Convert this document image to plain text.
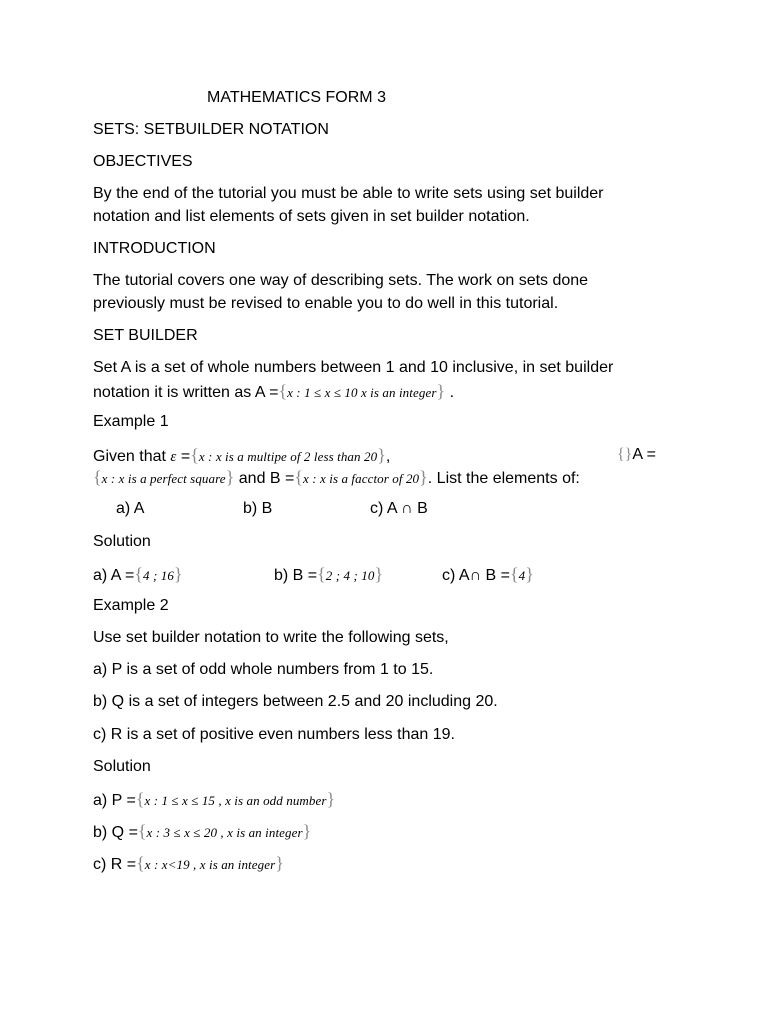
MATHEMATICS FORM 3
SETS: SETBUILDER NOTATION
OBJECTIVES
By the end of the tutorial you must be able to write sets using set builder
notation and list elements of sets given in set builder notation.
INTRODUCTION
The tutorial covers one way of describing sets. The work on sets done
previously must be revised to enable you to do well in this tutorial.
SET BUILDER
Set A is a set of whole numbers between 1 and 10 inclusive, in set builder
notation it is written as A ={x : 1 ≤ x ≤ 10 x is an integer} .
Example 1
Given that ε ={x : x is a multipe of 2 less than 20},	{}A =
{x : x is a perfect square} and B ={x : x is a facctor of 20}. List the elements of:
a) A	b) B	c) A ∩ B
Solution
a) A ={4 ; 16}	b) B ={2 ; 4 ; 10}	c) A∩ B ={4}
Example 2
Use set builder notation to write the following sets,
a) P is a set of odd whole numbers from 1 to 15.
b) Q is a set of integers between 2.5 and 20 including 20.
c) R is a set of positive even numbers less than 19.
Solution
a) P ={x : 1 ≤ x ≤ 15 , x is an odd number}
b) Q ={x : 3 ≤ x ≤ 20 , x is an integer}
c) R ={x : x<19 , x is an integer}
